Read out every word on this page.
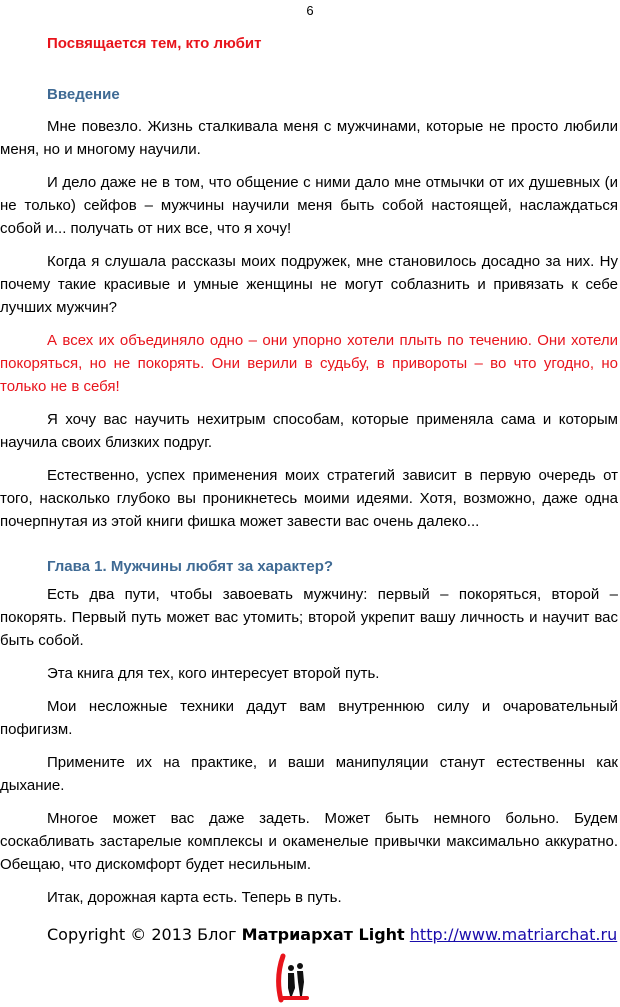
6
Посвящается тем, кто любит
Введение

Мне повезло. Жизнь сталкивала меня с мужчинами, которые не просто любили меня, но и многому научили.

И дело даже не в том, что общение с ними дало мне отмычки от их душевных (и не только) сейфов – мужчины научили меня быть собой настоящей, наслаждаться собой и... получать от них все, что я хочу!

Когда я слушала рассказы моих подружек, мне становилось досадно за них. Ну почему такие красивые и умные женщины не могут соблазнить и привязать к себе лучших мужчин?

А всех их объединяло одно – они упорно хотели плыть по течению. Они хотели покоряться, но не покорять. Они верили в судьбу, в привороты – во что угодно, но только не в себя!

Я хочу вас научить нехитрым способам, которые применяла сама и которым научила своих близких подруг.

Естественно, успех применения моих стратегий зависит в первую очередь от того, насколько глубоко вы проникнетесь моими идеями. Хотя, возможно, даже одна почерпнутая из этой книги фишка может завести вас очень далеко...

Глава 1. Мужчины любят за характер?

Есть два пути, чтобы завоевать мужчину: первый – покоряться, второй – покорять. Первый путь может вас утомить; второй укрепит вашу личность и научит вас быть собой.

Эта книга для тех, кого интересует второй путь.

Мои несложные техники дадут вам внутреннюю силу и очаровательный пофигизм.

Примените их на практике, и ваши манипуляции станут естественны как дыхание.

Многое может вас даже задеть. Может быть немного больно. Будем соскабливать застарелые комплексы и окаменелые привычки максимально аккуратно. Обещаю, что дискомфорт будет несильным.

Итак, дорожная карта есть. Теперь в путь.

Copyright © 2013 Блог Матриархат Light http://www.matriarchat.ru
